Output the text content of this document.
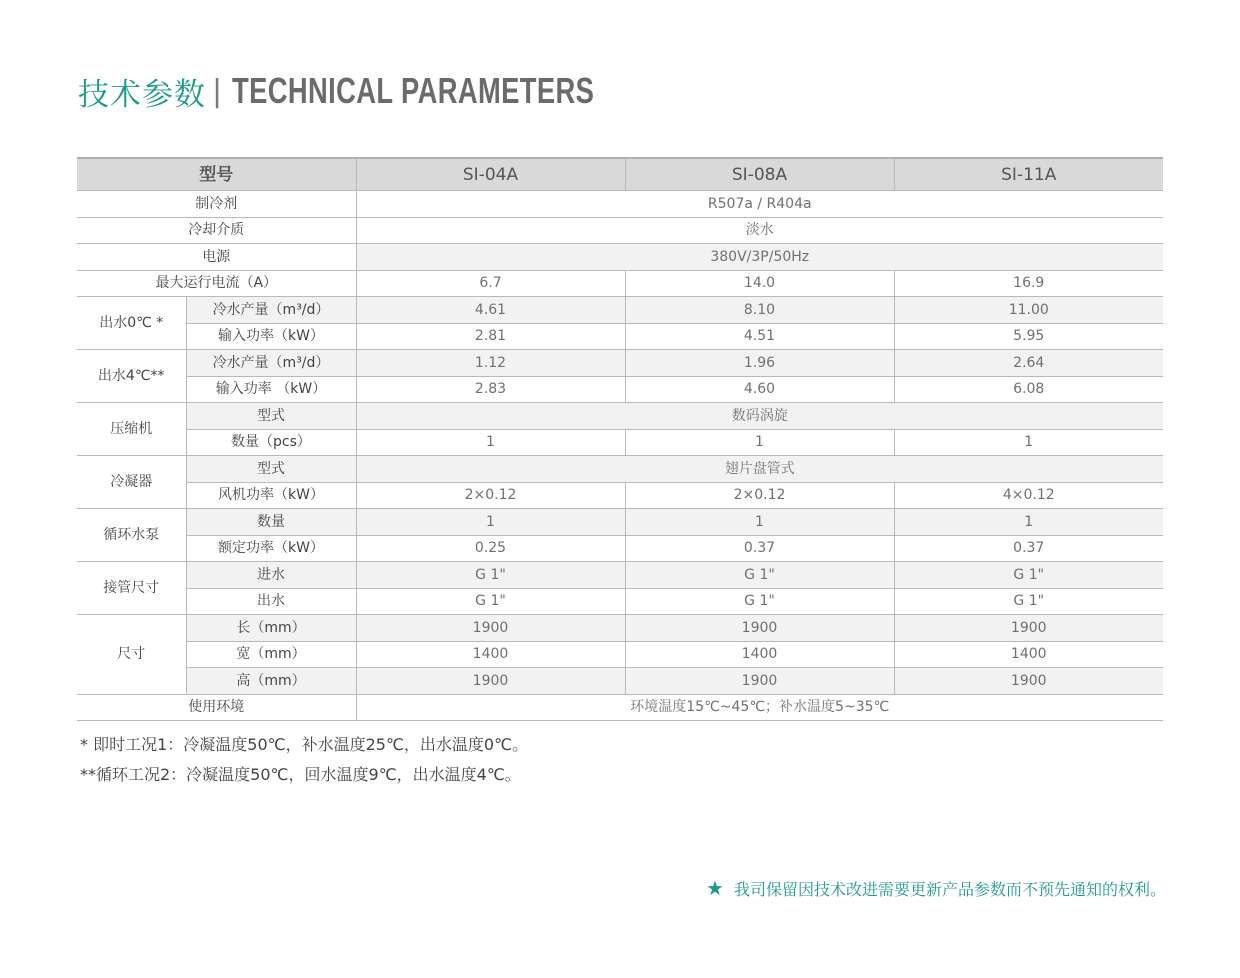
技术参数 | TECHNICAL PARAMETERS
型号		SI-04A	SI-08A	SI-11A
制冷剂		R507a / R404a		
冷却介质		淡水		
电源		380V/3P/50Hz		
最大运行电流（A）		6.7	14.0	16.9
出水0℃ *	冷水产量（m³/d）	4.61	8.10	11.00
	输入功率（kW）	2.81	4.51	5.95
出水4℃**	冷水产量（m³/d）	1.12	1.96	2.64
	输入功率 （kW）	2.83	4.60	6.08
压缩机	型式	数码涡旋		
	数量（pcs）	1	1	1
冷凝器	型式	翅片盘管式		
	风机功率（kW）	2×0.12	2×0.12	4×0.12
循环水泵	数量	1	1	1
	额定功率（kW）	0.25	0.37	0.37
接管尺寸	进水	G 1"	G 1"	G 1"
	出水	G 1"	G 1"	G 1"
尺寸	长（mm）	1900	1900	1900
	宽（mm）	1400	1400	1400
	高（mm）	1900	1900	1900
使用环境		环境温度15℃~45℃；补水温度5~35℃		
* 即时工况1：冷凝温度50℃，补水温度25℃，出水温度0℃。
**循环工况2：冷凝温度50℃，回水温度9℃，出水温度4℃。
★ 我司保留因技术改进需要更新产品参数而不预先通知的权利。
